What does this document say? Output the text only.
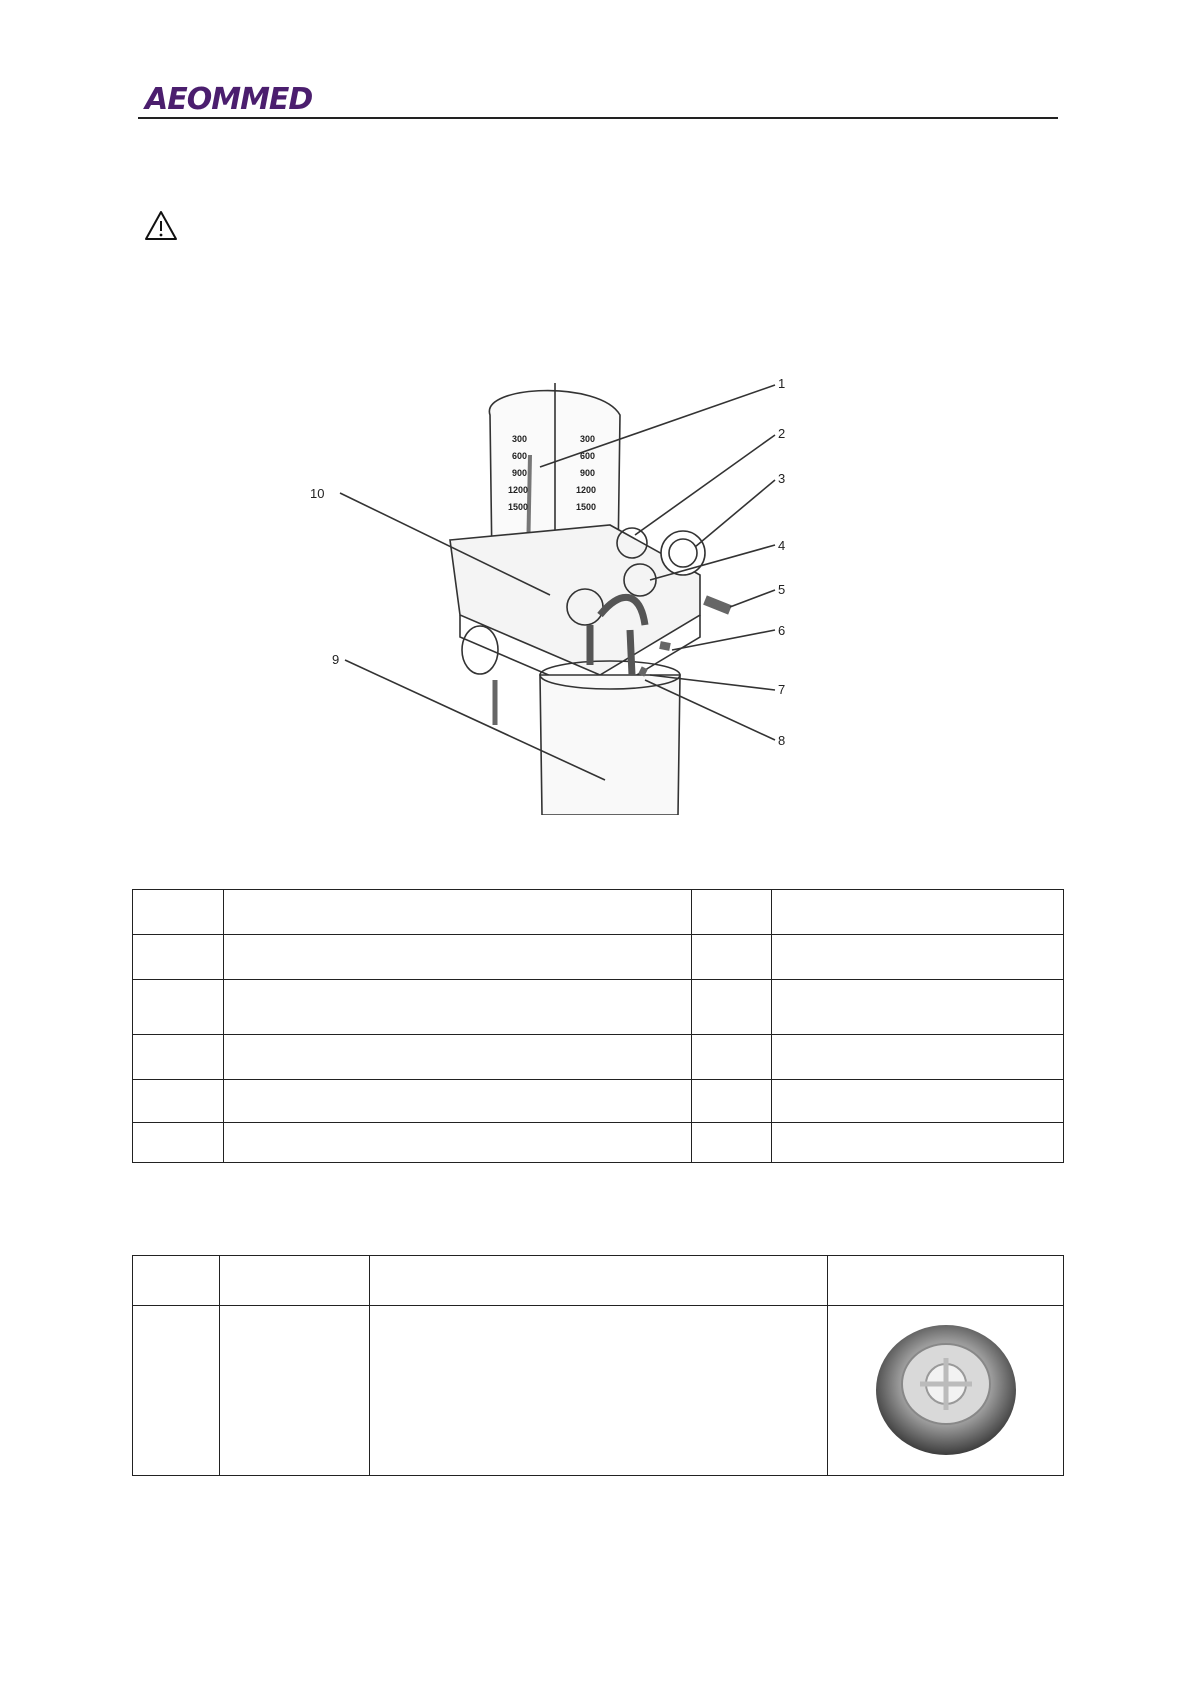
AEOMMED
1
2
3
4
5
6
7
8
9
10
300
600
900
1200
1500
300
600
900
1200
1500
